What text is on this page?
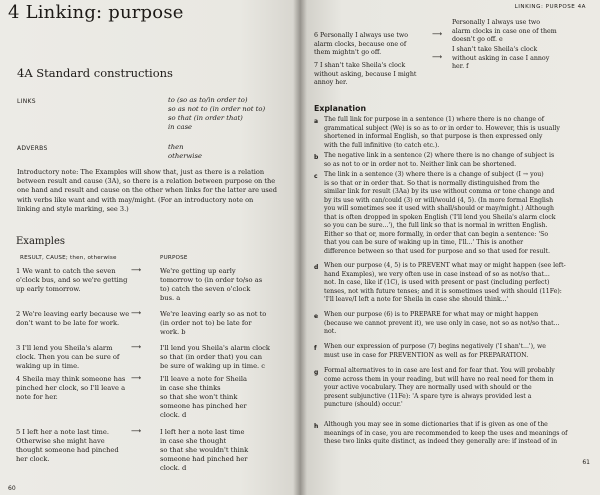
4 Linking: purpose
4A Standard constructions
LINKS	to (so as to/in order to)
so as not to (in order not to)
so that (in order that)
in case
ADVERBS	then
otherwise
Introductory note: The Examples will show that, just as there is a relation
between result and cause (3A), so there is a relation between purpose on the
one hand and result and cause on the other when links for the latter are used
with verbs like want and with may/might. (For an introductory note on
linking and style marking, see 3.)
Examples
RESULT, CAUSE; then, otherwise	PURPOSE
1 We want to catch the seven
o'clock bus, and so we're getting
up early tomorrow.
⟶	We're getting up early
tomorrow to (in order to/so as
to) catch the seven o'clock
bus. a
2 We're leaving early because we
don't want to be late for work.
⟶	We're leaving early so as not to
(in order not to) be late for
work. b
3 I'll lend you Sheila's alarm
clock. Then you can be sure of
waking up in time.
⟶	I'll lend you Sheila's alarm clock
so that (in order that) you can
be sure of waking up in time. c
4 Sheila may think someone has
pinched her clock, so I'll leave a
note for her.
⟶	I'll leave a note for Sheila
in case she thinks
so that she won't think
someone has pinched her
clock. d
5 I left her a note last time.
Otherwise she might have
thought someone had pinched
her clock.
⟶	I left her a note last time
in case she thought
so that she wouldn't think
someone had pinched her
clock. d
60
LINKING: PURPOSE 4A
6 Personally I always use two
alarm clocks, because one of
them mightn't go off.
⟶
Personally I always use two
alarm clocks in case one of them
doesn't go off. e
7 I shan't take Sheila's clock
without asking, because I might
annoy her.
⟶
I shan't take Sheila's clock
without asking in case I annoy
her. f
Explanation
a The full link for purpose in a sentence (1) where there is no change of
grammatical subject (We) is so as to or in order to. However, this is usually
shortened in informal English, so that purpose is then expressed only
with the full infinitive (to catch etc.).
b The negative link in a sentence (2) where there is no change of subject is
so as not to or in order not to. Neither link can be shortened.
c The link in a sentence (3) where there is a change of subject (I → you)
is so that or in order that. So that is normally distinguished from the
similar link for result (3Aa) by its use without comma or tone change and
by its use with can/could (3) or will/would (4, 5). (In more formal English
you will sometimes see it used with shall/should or may/might.) Although
that is often dropped in spoken English ('I'll lend you Sheila's alarm clock
so you can be sure...'), the full link so that is normal in written English.
Either so that or, more formally, in order that can begin a sentence: 'So
that you can be sure of waking up in time, I'll...' This is another
difference between so that used for purpose and so that used for result.
d When our purpose (4, 5) is to PREVENT what may or might happen (see left-
hand Examples), we very often use in case instead of so as not/so that...
not. In case, like if (1C), is used with present or past (including perfect)
tenses, not with future tenses; and it is sometimes used with should (11Fe):
'I'll leave/I left a note for Sheila in case she should think...'
e When our purpose (6) is to PREPARE for what may or might happen
(because we cannot prevent it), we use only in case, not so as not/so that...
not.
f When our expression of purpose (7) begins negatively ('I shan't...'), we
must use in case for PREVENTION as well as for PREPARATION.
g Formal alternatives to in case are lest and for fear that. You will probably
come across them in your reading, but will have no real need for them in
your active vocabulary. They are normally used with should or the
present subjunctive (11Fe): 'A spare tyre is always provided lest a
puncture (should) occur.'
h Although you may see in some dictionaries that if is given as one of the
meanings of in case, you are recommended to keep the uses and meanings of
these two links quite distinct, as indeed they generally are: if instead of in
61
